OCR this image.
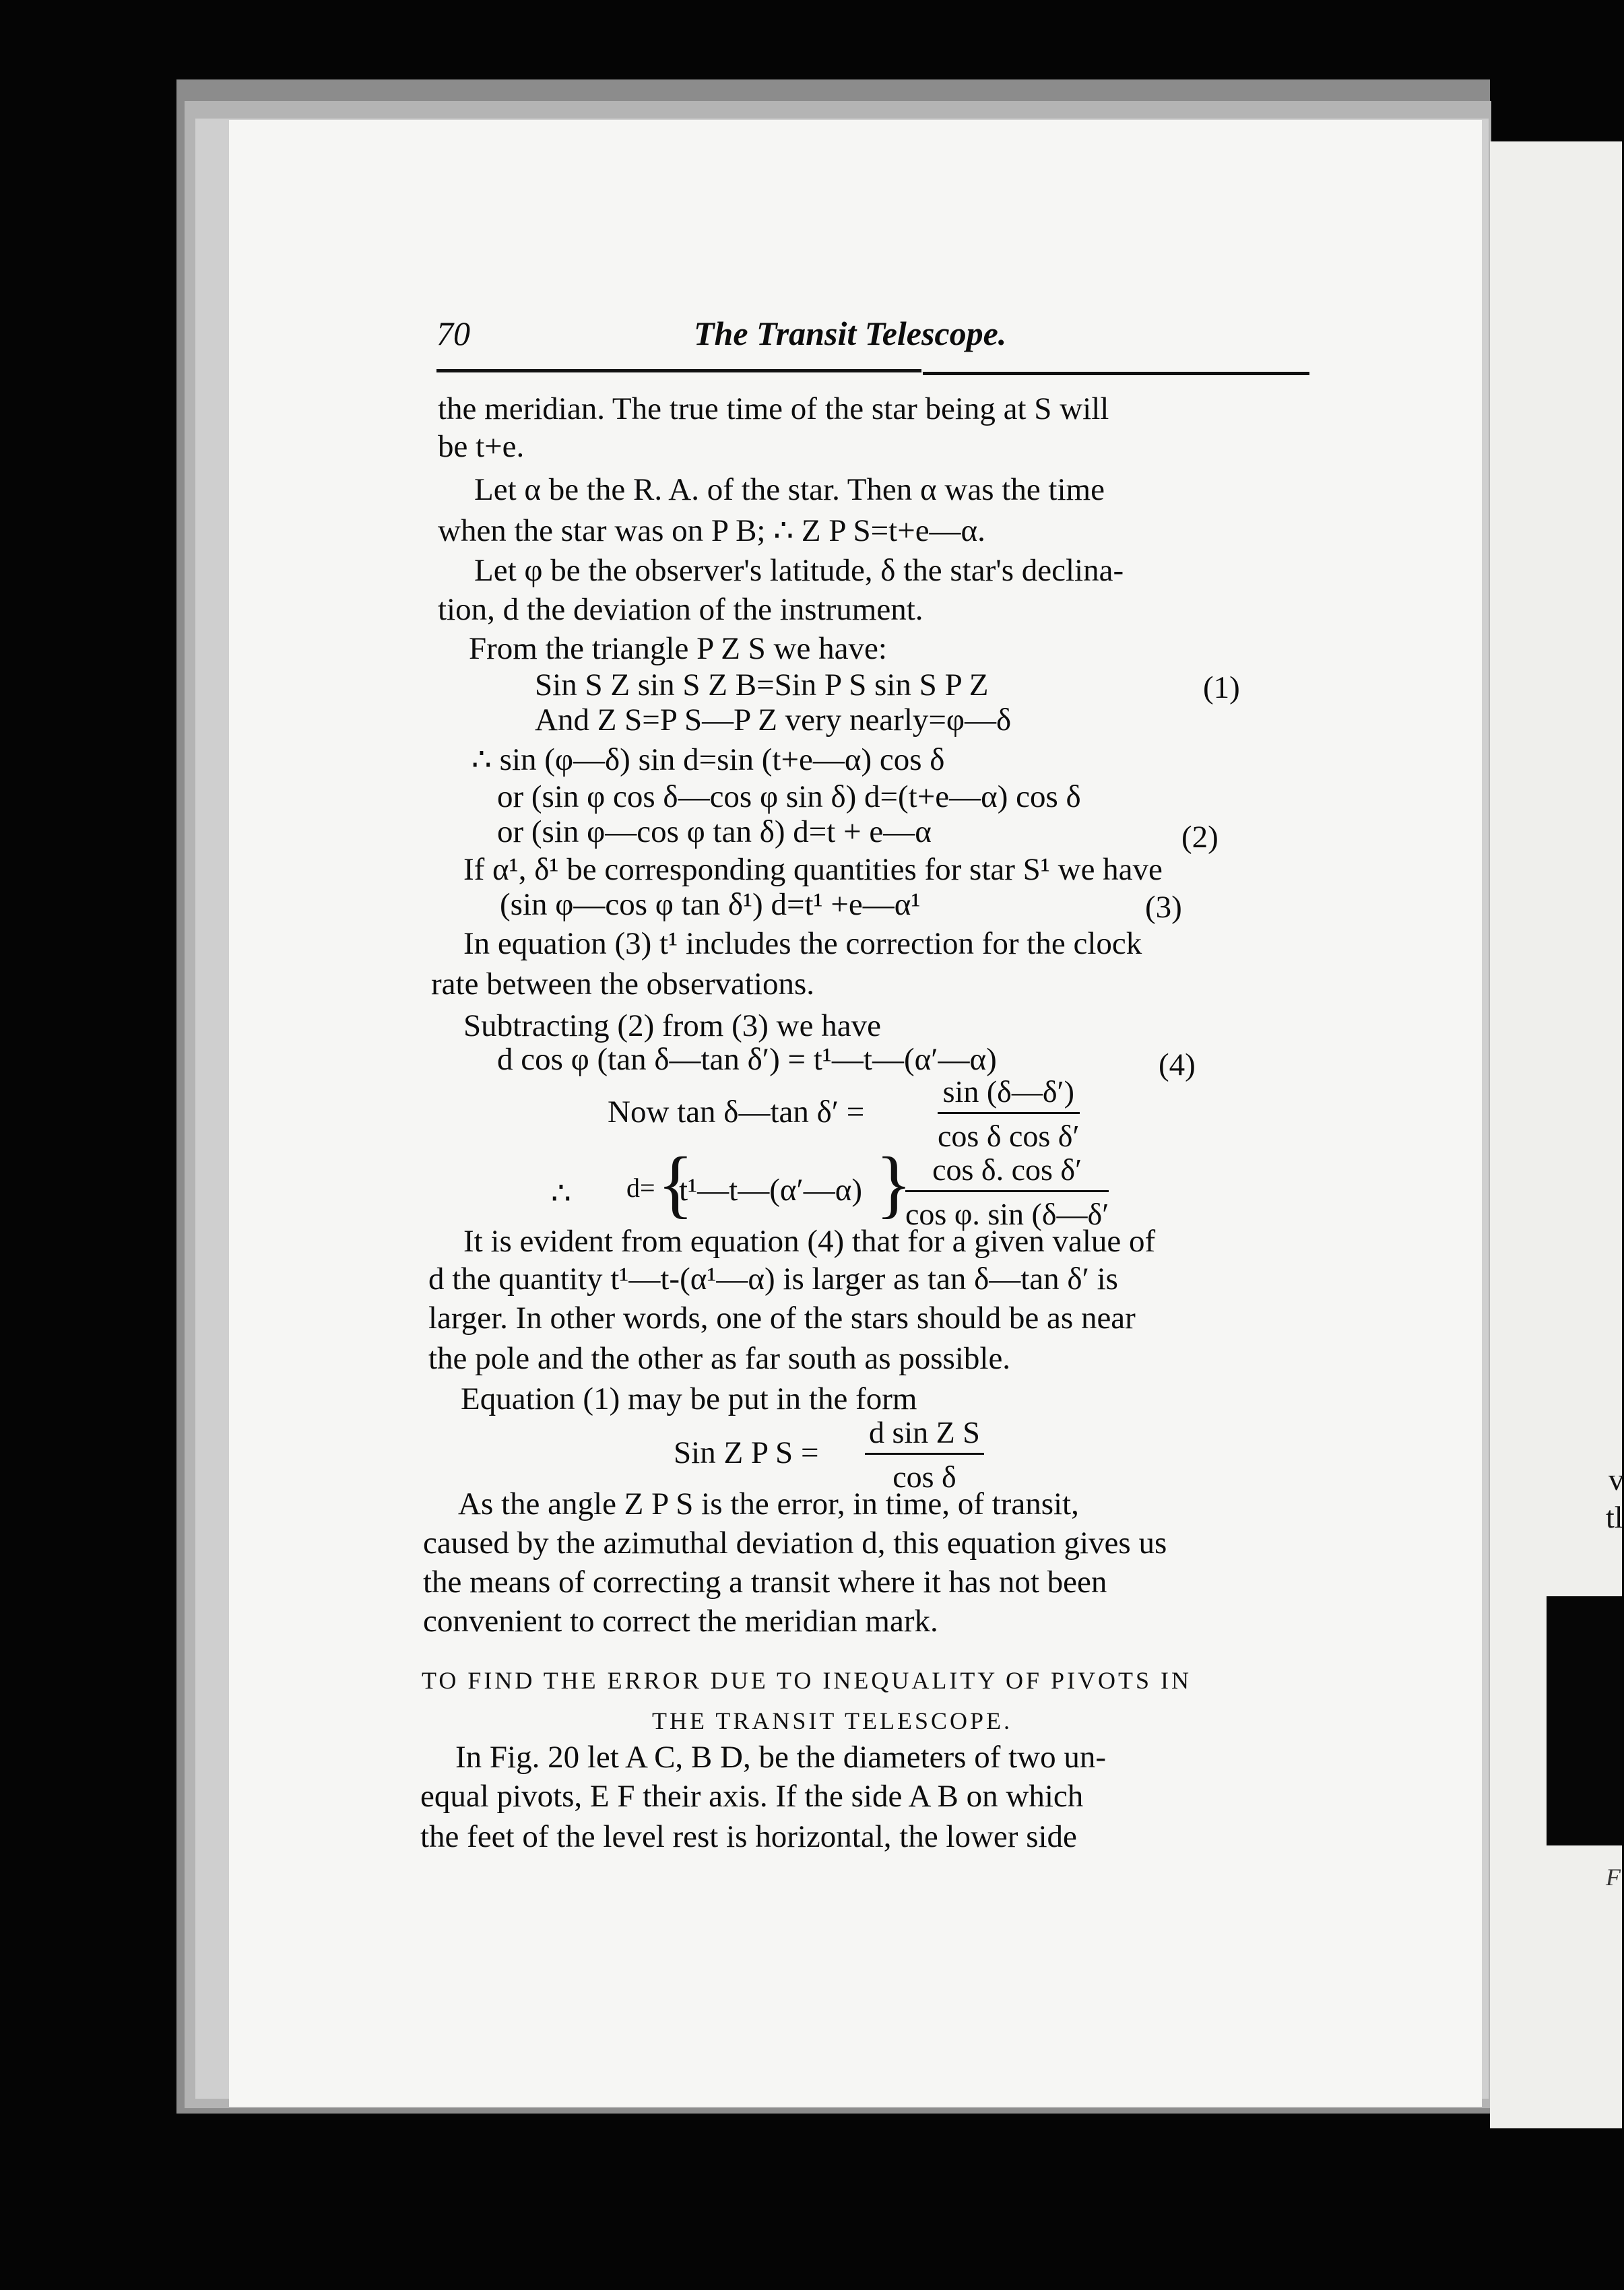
v
tl
F
70	The Transit Telescope.
the meridian. The true time of the star being at S will
be t+e.
Let α be the R. A. of the star. Then α was the time
when the star was on P B; ∴ Z P S=t+e—α.
Let φ be the observer's latitude, δ the star's declina-
tion, d the deviation of the instrument.
From the triangle P Z S we have:
Sin S Z sin S Z B=Sin P S sin S P Z	(1)
And Z S=P S—P Z very nearly=φ—δ
∴ sin (φ—δ) sin d=sin (t+e—α) cos δ
or (sin φ cos δ—cos φ sin δ) d=(t+e—α) cos δ
or (sin φ—cos φ tan δ) d=t + e—α	(2)
If α¹, δ¹ be corresponding quantities for star S¹ we have
(sin φ—cos φ tan δ¹) d=t¹ +e—α¹	(3)
In equation (3) t¹ includes the correction for the clock
rate between the observations.
Subtracting (2) from (3) we have
d cos φ (tan δ—tan δ′) = t¹—t—(α′—α)	(4)
Now tan δ—tan $\delta' = \frac{\sin (\delta—\delta')}{\text{cos δ cos δ′}}$
∴ d= {
t¹—t—(α′—α) }
$\frac{\text{cos δ. cos δ′}}{\text{cos φ. sin (δ—δ′}}$
It is evident from equation (4) that for a given value of
d the quantity t¹—t-(α¹—α) is larger as tan δ—tan δ′ is
larger. In other words, one of the stars should be as near
the pole and the other as far south as possible.
Equation (1) may be put in the form
Sin Z P $S = \frac{\text{d sin Z S}}{\text{cos δ}}$
As the angle Z P S is the error, in time, of transit,
caused by the azimuthal deviation d, this equation gives us
the means of correcting a transit where it has not been
convenient to correct the meridian mark.
TO FIND THE ERROR DUE TO INEQUALITY OF PIVOTS IN
THE TRANSIT TELESCOPE.
In Fig. 20 let A C, B D, be the diameters of two un-
equal pivots, E F their axis. If the side A B on which
the feet of the level rest is horizontal, the lower side
